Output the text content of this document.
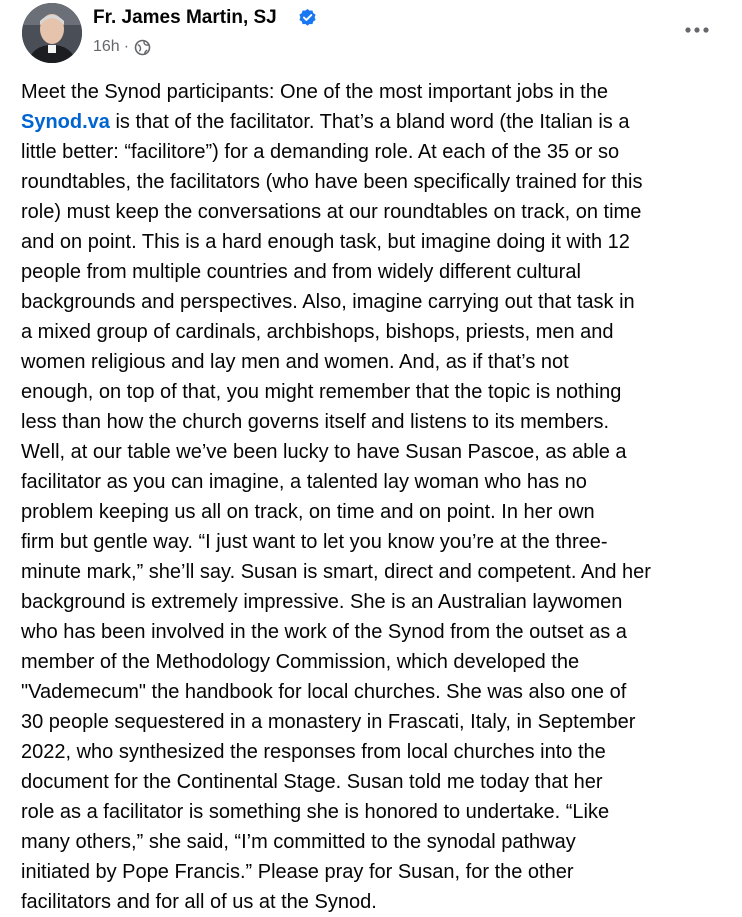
Fr. James Martin, SJ
16h ·

Meet the Synod participants: One of the most important jobs in the

Synod.va is that of the facilitator. That’s a bland word (the Italian is a

little better: “facilitore”) for a demanding role. At each of the 35 or so

roundtables, the facilitators (who have been specifically trained for this

role) must keep the conversations at our roundtables on track, on time

and on point. This is a hard enough task, but imagine doing it with 12

people from multiple countries and from widely different cultural

backgrounds and perspectives. Also, imagine carrying out that task in

a mixed group of cardinals, archbishops, bishops, priests, men and

women religious and lay men and women. And, as if that’s not

enough, on top of that, you might remember that the topic is nothing

less than how the church governs itself and listens to its members.

Well, at our table we’ve been lucky to have Susan Pascoe, as able a

facilitator as you can imagine, a talented lay woman who has no

problem keeping us all on track, on time and on point. In her own

firm but gentle way. “I just want to let you know you’re at the three-

minute mark,” she’ll say. Susan is smart, direct and competent. And her

background is extremely impressive. She is an Australian laywomen

who has been involved in the work of the Synod from the outset as a

member of the Methodology Commission, which developed the

"Vademecum" the handbook for local churches. She was also one of

30 people sequestered in a monastery in Frascati, Italy, in September

2022, who synthesized the responses from local churches into the

document for the Continental Stage. Susan told me today that her

role as a facilitator is something she is honored to undertake. “Like

many others,” she said, “I’m committed to the synodal pathway

initiated by Pope Francis.” Please pray for Susan, for the other

facilitators and for all of us at the Synod.
